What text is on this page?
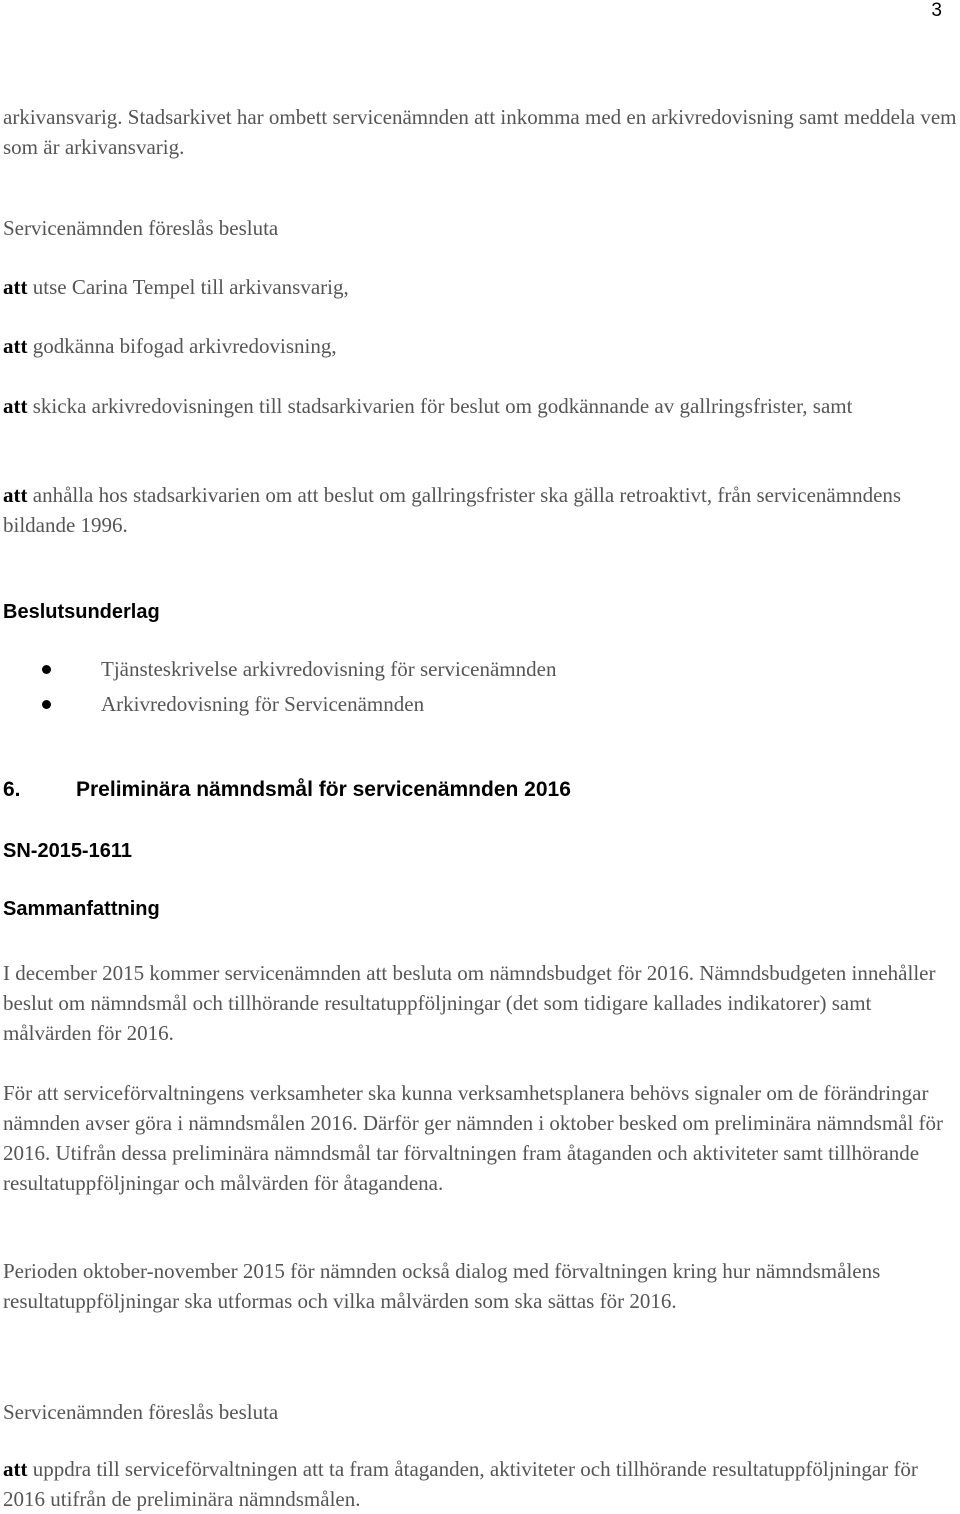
3

arkivansvarig. Stadsarkivet har ombett servicenämnden att inkomma med en arkivredovisning samt meddela vem som är arkivansvarig.

Servicenämnden föreslås besluta

att utse Carina Tempel till arkivansvarig,

att godkänna bifogad arkivredovisning,

att skicka arkivredovisningen till stadsarkivarien för beslut om godkännande av gallringsfrister, samt

att anhålla hos stadsarkivarien om att beslut om gallringsfrister ska gälla retroaktivt, från servicenämndens bildande 1996.

Beslutsunderlag
Tjänsteskrivelse arkivredovisning för servicenämnden
Arkivredovisning för Servicenämnden
6.	Preliminära nämndsmål för servicenämnden 2016
SN-2015-1611
Sammanfattning

I december 2015 kommer servicenämnden att besluta om nämndsbudget för 2016. Nämndsbudgeten innehåller beslut om nämndsmål och tillhörande resultatuppföljningar (det som tidigare kallades indikatorer) samt målvärden för 2016.

För att serviceförvaltningens verksamheter ska kunna verksamhetsplanera behövs signaler om de förändringar nämnden avser göra i nämndsmålen 2016. Därför ger nämnden i oktober besked om preliminära nämndsmål för 2016. Utifrån dessa preliminära nämndsmål tar förvaltningen fram åtaganden och aktiviteter samt tillhörande resultatuppföljningar och målvärden för åtagandena.

Perioden oktober-november 2015 för nämnden också dialog med förvaltningen kring hur nämndsmålens resultatuppföljningar ska utformas och vilka målvärden som ska sättas för 2016.

Servicenämnden föreslås besluta

att uppdra till serviceförvaltningen att ta fram åtaganden, aktiviteter och tillhörande resultatuppföljningar för 2016 utifrån de preliminära nämndsmålen.
